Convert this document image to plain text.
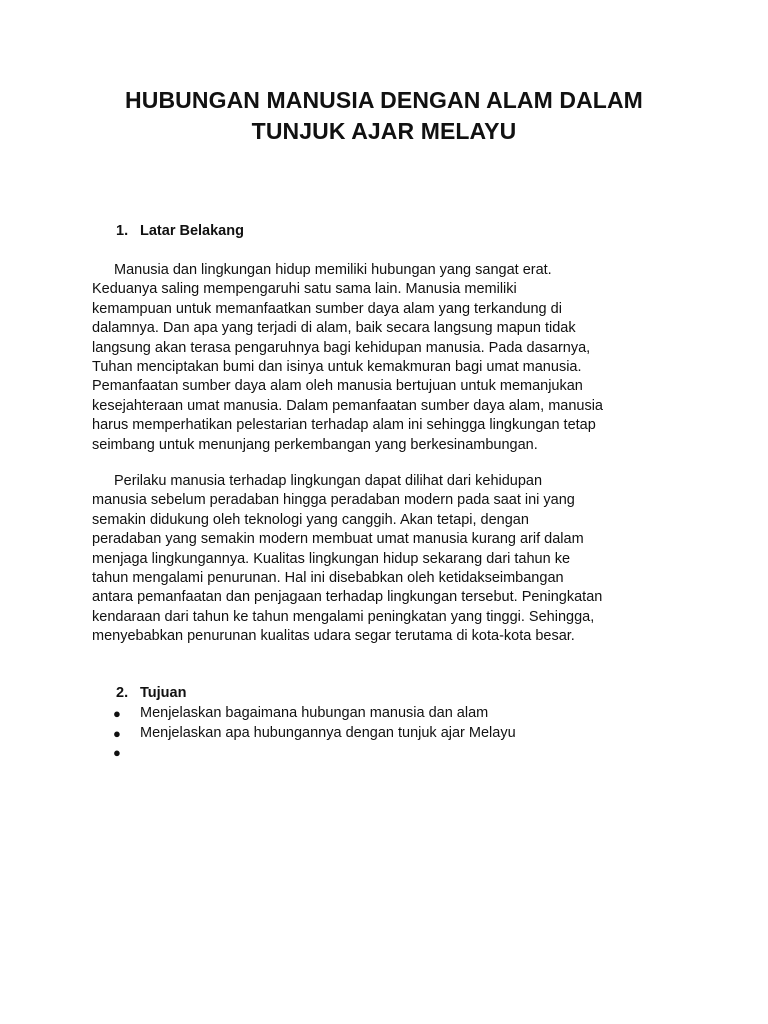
HUBUNGAN MANUSIA DENGAN ALAM DALAM
TUNJUK AJAR MELAYU
1. Latar Belakang

Manusia dan lingkungan hidup memiliki hubungan yang sangat erat.
Keduanya saling mempengaruhi satu sama lain. Manusia memiliki
kemampuan untuk memanfaatkan sumber daya alam yang terkandung di
dalamnya. Dan apa yang terjadi di alam, baik secara langsung mapun tidak
langsung akan terasa pengaruhnya bagi kehidupan manusia. Pada dasarnya,
Tuhan menciptakan bumi dan isinya untuk kemakmuran bagi umat manusia.
Pemanfaatan sumber daya alam oleh manusia bertujuan untuk memanjukan
kesejahteraan umat manusia. Dalam pemanfaatan sumber daya alam, manusia
harus memperhatikan pelestarian terhadap alam ini sehingga lingkungan tetap
seimbang untuk menunjang perkembangan yang berkesinambungan.

Perilaku manusia terhadap lingkungan dapat dilihat dari kehidupan
manusia sebelum peradaban hingga peradaban modern pada saat ini yang
semakin didukung oleh teknologi yang canggih. Akan tetapi, dengan
peradaban yang semakin modern membuat umat manusia kurang arif dalam
menjaga lingkungannya. Kualitas lingkungan hidup sekarang dari tahun ke
tahun mengalami penurunan. Hal ini disebabkan oleh ketidakseimbangan
antara pemanfaatan dan penjagaan terhadap lingkungan tersebut. Peningkatan
kendaraan dari tahun ke tahun mengalami peningkatan yang tinggi. Sehingga,
menyebabkan penurunan kualitas udara segar terutama di kota-kota besar.

2. Tujuan
● Menjelaskan bagaimana hubungan manusia dan alam
● Menjelaskan apa hubungannya dengan tunjuk ajar Melayu
●
